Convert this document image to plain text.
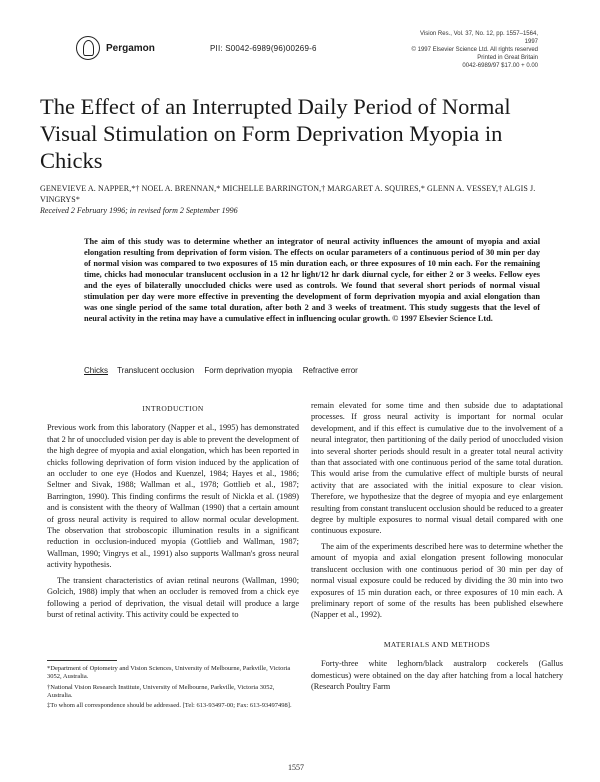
Pergamon	PII: S0042-6989(96)00269-6
Vision Res., Vol. 37, No. 12, pp. 1557–1564, 1997
© 1997 Elsevier Science Ltd. All rights reserved
Printed in Great Britain
0042-6989/97 $17.00 + 0.00
The Effect of an Interrupted Daily Period of Normal Visual Stimulation on Form Deprivation Myopia in Chicks
GENEVIEVE A. NAPPER,*† NOEL A. BRENNAN,* MICHELLE BARRINGTON,† MARGARET A. SQUIRES,* GLENN A. VESSEY,† ALGIS J. VINGRYS*
Received 2 February 1996; in revised form 2 September 1996

The aim of this study was to determine whether an integrator of neural activity influences the amount of myopia and axial elongation resulting from deprivation of form vision. The effects on ocular parameters of a continuous period of 30 min per day of normal vision was compared to two exposures of 15 min duration each, or three exposures of 10 min each. For the remaining time, chicks had monocular translucent occlusion in a 12 hr light/12 hr dark diurnal cycle, for either 2 or 3 weeks. Fellow eyes and the eyes of bilaterally unoccluded chicks were used as controls. We found that several short periods of normal visual stimulation per day were more effective in preventing the development of form deprivation myopia and axial elongation than was one single period of the same total duration, after both 2 and 3 weeks of treatment. This study suggests that the level of neural activity in the retina may have a cumulative effect in influencing ocular growth. © 1997 Elsevier Science Ltd.

Chicks Translucent occlusion Form deprivation myopia Refractive error
INTRODUCTION

Previous work from this laboratory (Napper et al., 1995) has demonstrated that 2 hr of unoccluded vision per day is able to prevent the development of the high degree of myopia and axial elongation, which has been reported in chicks following deprivation of form vision induced by the application of an occluder to one eye (Hodos and Kuenzel, 1984; Hayes et al., 1986; Seltner and Sivak, 1988; Wallman et al., 1978; Gottlieb et al., 1987; Barrington, 1990). This finding confirms the result of Nickla et al. (1989) and is consistent with the theory of Wallman (1990) that a certain amount of gross neural activity is required to allow normal ocular development. The observation that stroboscopic illumination results in a significant reduction in occlusion-induced myopia (Gottlieb and Wallman, 1987; Wallman, 1990; Vingrys et al., 1991) also supports Wallman's gross neural activity hypothesis.

The transient characteristics of avian retinal neurons (Wallman, 1990; Golcich, 1988) imply that when an occluder is removed from a chick eye following a period of deprivation, the visual detail will produce a large burst of retinal activity. This activity could be expected to

remain elevated for some time and then subside due to adaptational processes. If gross neural activity is important for normal ocular development, and if this effect is cumulative due to the involvement of a neural integrator, then partitioning of the daily period of unoccluded vision into several shorter periods should result in a greater total neural activity than that associated with one continuous period of the same total duration. This would arise from the cumulative effect of multiple bursts of neural activity that are associated with the initial exposure to clear vision. Therefore, we hypothesize that the degree of myopia and eye enlargement resulting from constant translucent occlusion should be reduced to a greater degree by multiple exposures to normal visual detail compared with one continuous exposure.

The aim of the experiments described here was to determine whether the amount of myopia and axial elongation present following monocular translucent occlusion with one continuous period of 30 min per day of normal visual exposure could be reduced by dividing the 30 min into two exposures of 15 min duration each, or three exposures of 10 min each. A preliminary report of some of the results has been published elsewhere (Napper et al., 1992).

MATERIALS AND METHODS

Forty-three white leghorn/black australorp cockerels (Gallus domesticus) were obtained on the day after hatching from a local hatchery (Research Poultry Farm

*Department of Optometry and Vision Sciences, University of Melbourne, Parkville, Victoria 3052, Australia.
†National Vision Research Institute, University of Melbourne, Parkville, Victoria 3052, Australia.
‡To whom all correspondence should be addressed. [Tel: 613-93497-00; Fax: 613-93497498].
1557
